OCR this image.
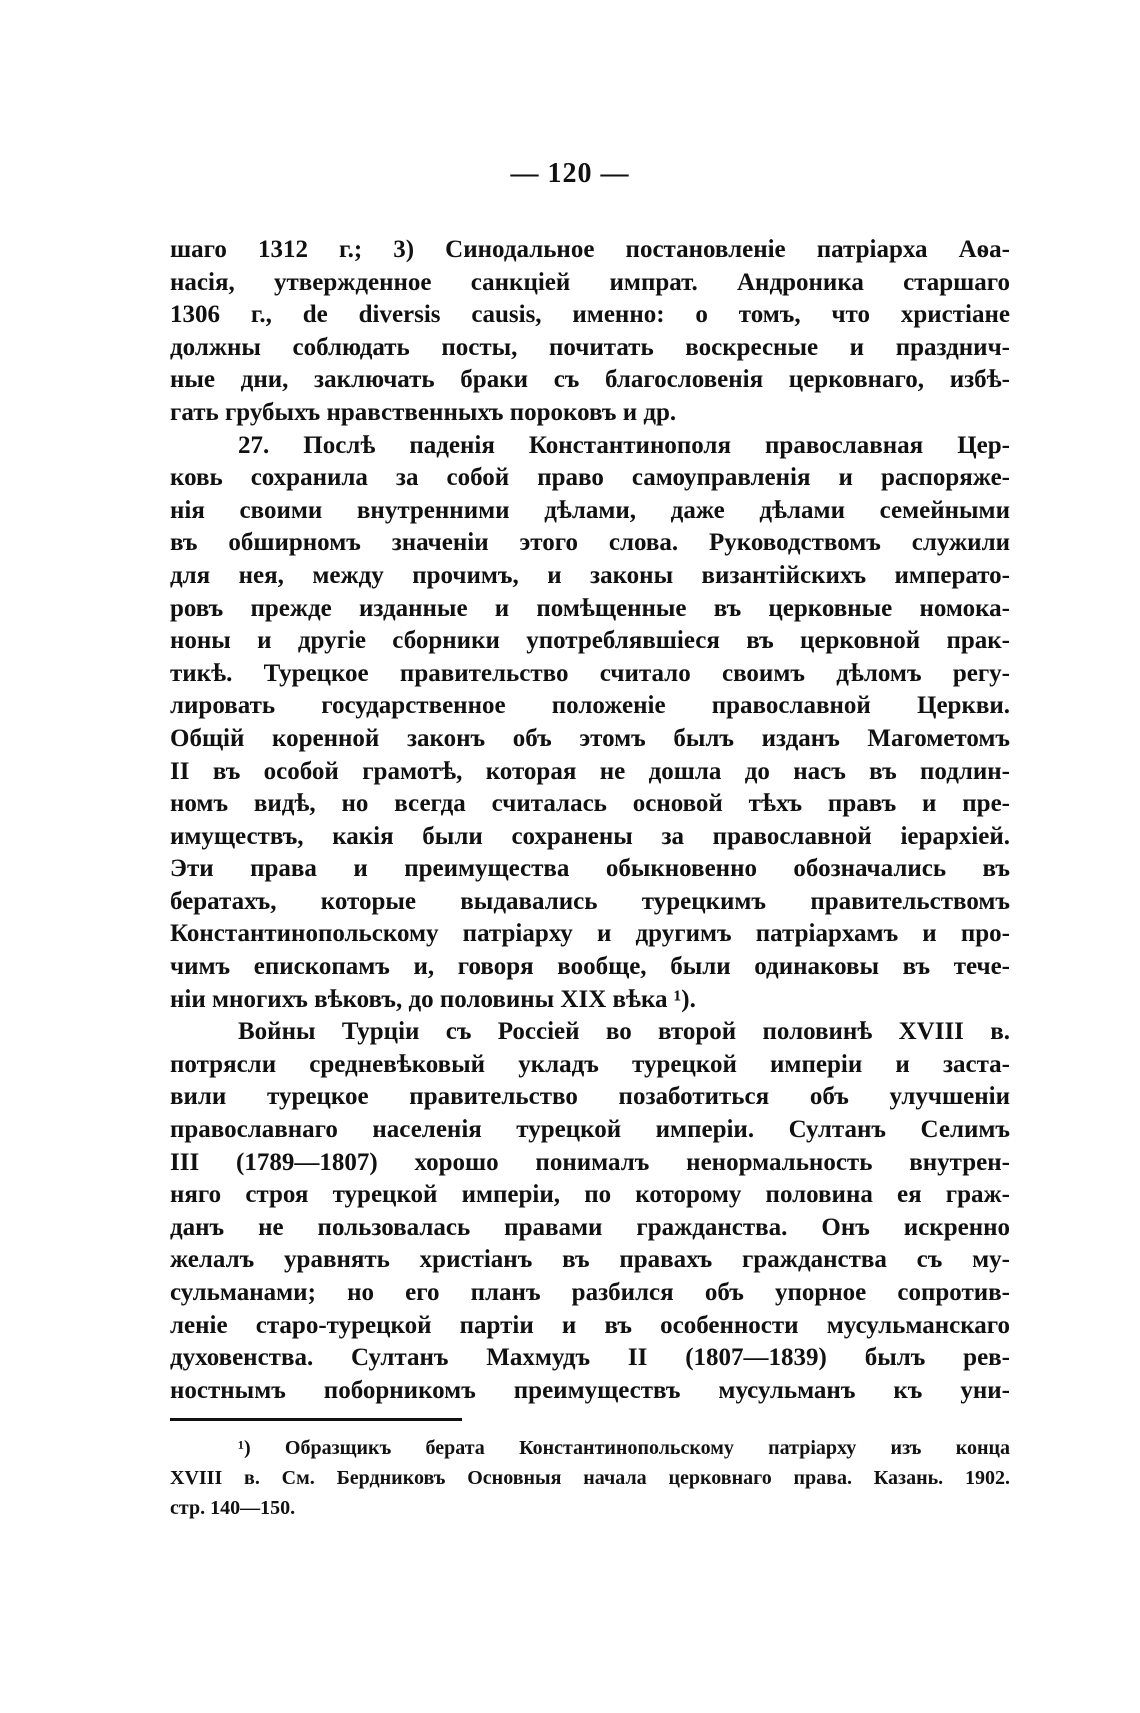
— 120 —
шаго 1312 г.; 3) Синодальное постановленіе патріарха Аѳа-
насія, утвержденное санкціей импрат. Андроника старшаго
1306 г., de diversis causis, именно: о томъ, что христіане
должны соблюдать посты, почитать воскресные и празднич-
ные дни, заключать браки съ благословенія церковнаго, избѣ-
гать грубыхъ нравственныхъ пороковъ и др.
27. Послѣ паденія Константинополя православная Цер-
ковь сохранила за собой право самоуправленія и распоряже-
нія своими внутренними дѣлами, даже дѣлами семейными
въ обширномъ значеніи этого слова. Руководствомъ служили
для нея, между прочимъ, и законы византійскихъ императо-
ровъ прежде изданные и помѣщенные въ церковные номока-
ноны и другіе сборники употреблявшіеся въ церковной прак-
тикѣ. Турецкое правительство считало своимъ дѣломъ регу-
лировать государственное положеніе православной Церкви.
Общій коренной законъ объ этомъ былъ изданъ Магометомъ
II въ особой грамотѣ, которая не дошла до насъ въ подлин-
номъ видѣ, но всегда считалась основой тѣхъ правъ и пре-
имуществъ, какія были сохранены за православной іерархіей.
Эти права и преимущества обыкновенно обозначались въ
бератахъ, которые выдавались турецкимъ правительствомъ
Константинопольскому патріарху и другимъ патріархамъ и про-
чимъ епископамъ и, говоря вообще, были одинаковы въ тече-
ніи многихъ вѣковъ, до половины XIX вѣка ¹).
Войны Турціи съ Россіей во второй половинѣ XVIII в.
потрясли средневѣковый укладъ турецкой имперіи и заста-
вили турецкое правительство позаботиться объ улучшеніи
православнаго населенія турецкой имперіи. Султанъ Селимъ
III (1789—1807) хорошо понималъ ненормальность внутрен-
няго строя турецкой имперіи, по которому половина ея граж-
данъ не пользовалась правами гражданства. Онъ искренно
желалъ уравнять христіанъ въ правахъ гражданства съ му-
сульманами; но его планъ разбился объ упорное сопротив-
леніе старо-турецкой партіи и въ особенности мусульманскаго
духовенства. Султанъ Махмудъ II (1807—1839) былъ рев-
ностнымъ поборникомъ преимуществъ мусульманъ къ уни-
¹) Образщикъ берата Константинопольскому патріарху изъ конца
XVIII в. См. Бердниковъ Основныя начала церковнаго права. Казань. 1902.
стр. 140—150.
